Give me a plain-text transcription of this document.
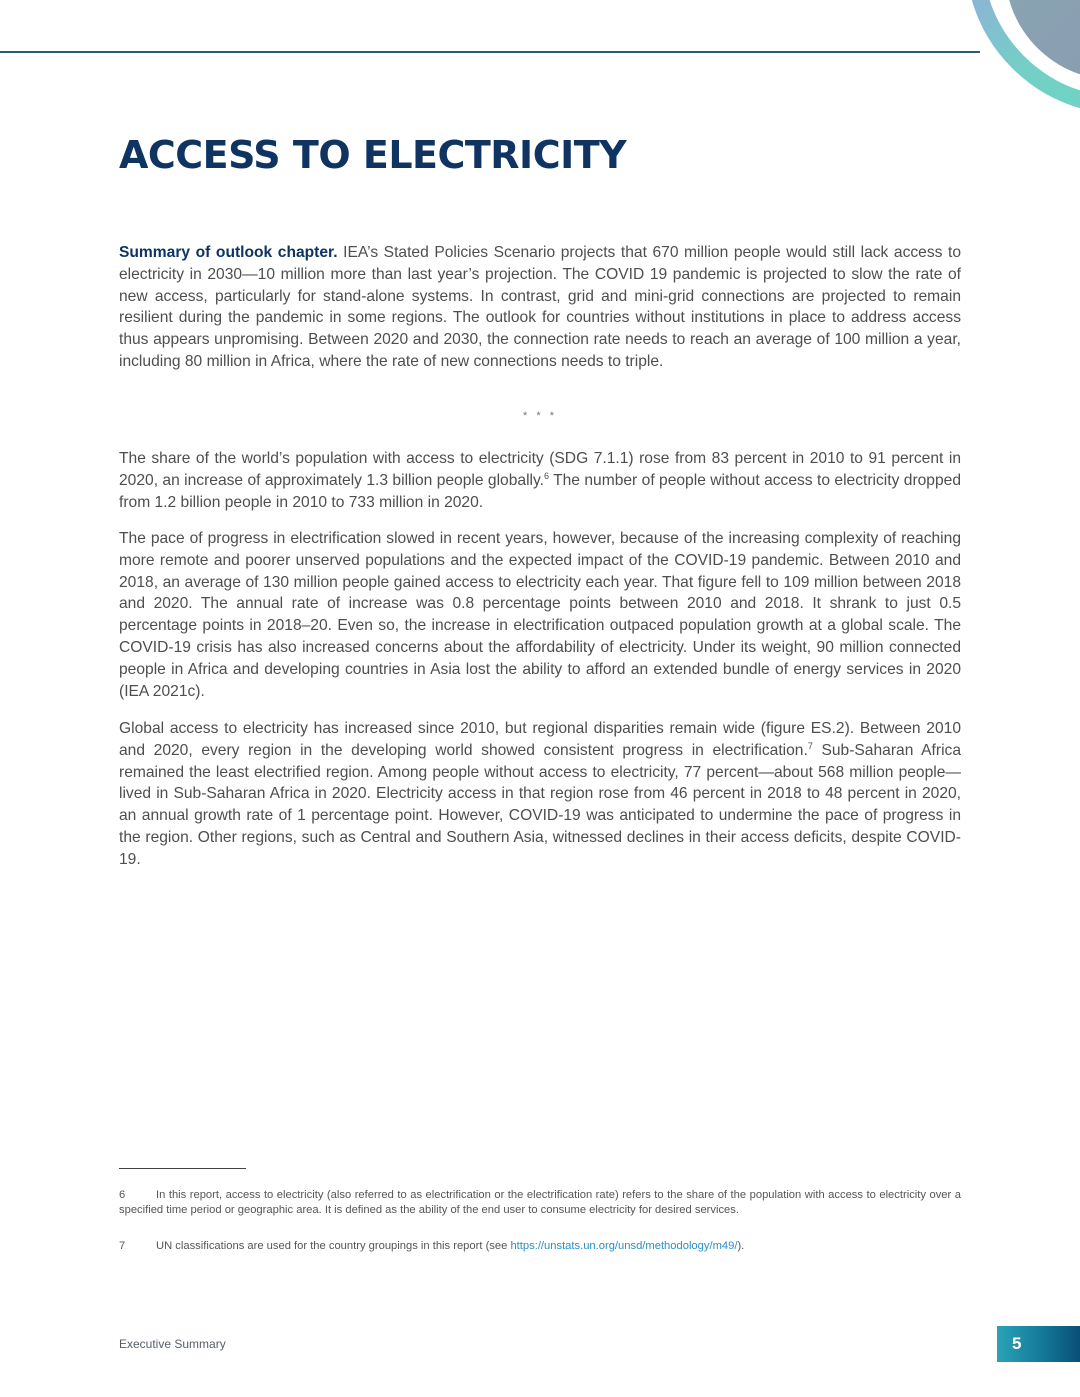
ACCESS TO ELECTRICITY

Summary of outlook chapter. IEA’s Stated Policies Scenario projects that 670 million people would still lack access to electricity in 2030—10 million more than last year’s projection. The COVID 19 pandemic is projected to slow the rate of new access, particularly for stand-alone systems. In contrast, grid and mini-grid connections are projected to remain resilient during the pandemic in some regions. The outlook for countries without institutions in place to address access thus appears unpromising. Between 2020 and 2030, the connection rate needs to reach an average of 100 million a year, including 80 million in Africa, where the rate of new connections needs to triple.

* * *

The share of the world’s population with access to electricity (SDG 7.1.1) rose from 83 percent in 2010 to 91 percent in 2020, an increase of approximately 1.3 billion people globally.$^6$ The number of people without access to electricity dropped from 1.2 billion people in 2010 to 733 million in 2020.

The pace of progress in electrification slowed in recent years, however, because of the increasing complexity of reaching more remote and poorer unserved populations and the expected impact of the COVID-19 pandemic. Between 2010 and 2018, an average of 130 million people gained access to electricity each year. That figure fell to 109 million between 2018 and 2020. The annual rate of increase was 0.8 percentage points between 2010 and 2018. It shrank to just 0.5 percentage points in 2018–20. Even so, the increase in electrification outpaced population growth at a global scale. The COVID-19 crisis has also increased concerns about the affordability of electricity. Under its weight, 90 million connected people in Africa and developing countries in Asia lost the ability to afford an extended bundle of energy services in 2020 (IEA 2021c).

Global access to electricity has increased since 2010, but regional disparities remain wide (figure ES.2). Between 2010 and 2020, every region in the developing world showed consistent progress in electrification.$^7$ Sub-Saharan Africa remained the least electrified region. Among people without access to electricity, 77 percent—about 568 million people—lived in Sub-Saharan Africa in 2020. Electricity access in that region rose from 46 percent in 2018 to 48 percent in 2020, an annual growth rate of 1 percentage point. However, COVID-19 was anticipated to undermine the pace of progress in the region. Other regions, such as Central and Southern Asia, witnessed declines in their access deficits, despite COVID-19.

6	In this report, access to electricity (also referred to as electrification or the electrification rate) refers to the share of the population with access to electricity over a specified time period or geographic area. It is defined as the ability of the end user to consume electricity for desired services.

7	UN classifications are used for the country groupings in this report (see https://unstats.un.org/unsd/methodology/m49/).

Executive Summary	5
